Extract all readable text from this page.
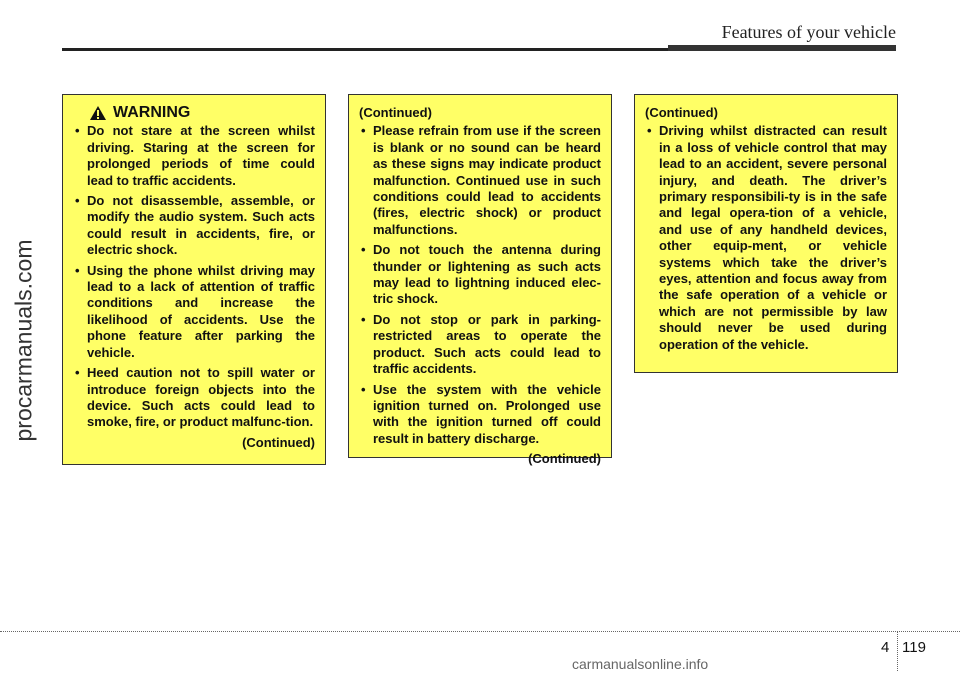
Features of your vehicle
procarmanuals.com
WARNING
• Do not stare at the screen whilst driving. Staring at the screen for prolonged periods of time could lead to traffic accidents.
• Do not disassemble, assemble, or modify the audio system. Such acts could result in accidents, fire, or electric shock.
• Using the phone whilst driving may lead to a lack of attention of traffic conditions and increase the likelihood of accidents. Use the phone feature after parking the vehicle.
• Heed caution not to spill water or introduce foreign objects into the device. Such acts could lead to smoke, fire, or product malfunc-tion.
(Continued)
(Continued)
• Please refrain from use if the screen is blank or no sound can be heard as these signs may indicate product malfunction. Continued use in such conditions could lead to accidents (fires, electric shock) or product malfunctions.
• Do not touch the antenna during thunder or lightening as such acts may lead to lightning induced elec-tric shock.
• Do not stop or park in parking-restricted areas to operate the product. Such acts could lead to traffic accidents.
• Use the system with the vehicle ignition turned on. Prolonged use with the ignition turned off could result in battery discharge.
(Continued)
(Continued)
• Driving whilst distracted can result in a loss of vehicle control that may lead to an accident, severe personal injury, and death. The driver’s primary responsibili-ty is in the safe and legal opera-tion of a vehicle, and use of any handheld devices, other equip-ment, or vehicle systems which take the driver’s eyes, attention and focus away from the safe operation of a vehicle or which are not permissible by law should never be used during operation of the vehicle.
4 119
carmanualsonline.info
